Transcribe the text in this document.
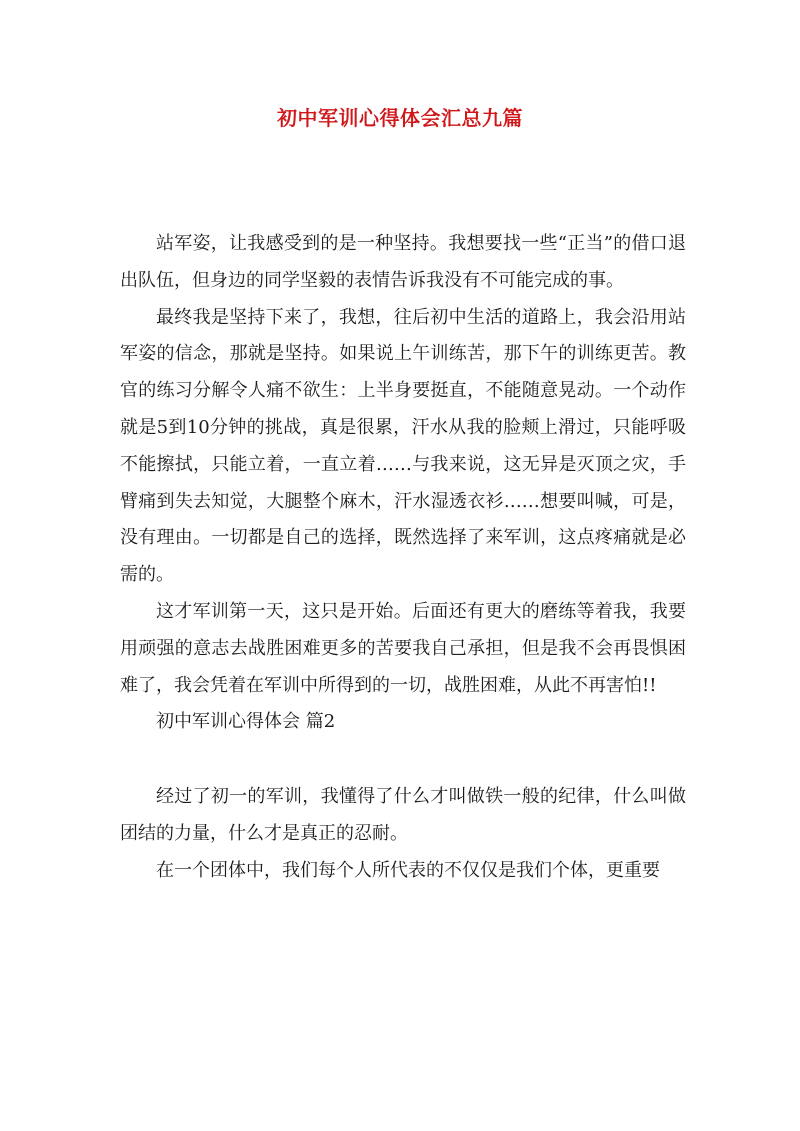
初中军训心得体会汇总九篇

站军姿，让我感受到的是一种坚持。我想要找一些“正当”的借口退出队伍，但身边的同学坚毅的表情告诉我没有不可能完成的事。

最终我是坚持下来了，我想，往后初中生活的道路上，我会沿用站军姿的信念，那就是坚持。如果说上午训练苦，那下午的训练更苦。教官的练习分解令人痛不欲生：上半身要挺直，不能随意晃动。一个动作就是5到10分钟的挑战，真是很累，汗水从我的脸颊上滑过，只能呼吸不能擦拭，只能立着，一直立着……与我来说，这无异是灭顶之灾，手臂痛到失去知觉，大腿整个麻木，汗水湿透衣衫……想要叫喊，可是，没有理由。一切都是自己的选择，既然选择了来军训，这点疼痛就是必需的。

这才军训第一天，这只是开始。后面还有更大的磨练等着我，我要用顽强的意志去战胜困难更多的苦要我自己承担，但是我不会再畏惧困难了，我会凭着在军训中所得到的一切，战胜困难，从此不再害怕!!

初中军训心得体会 篇2

经过了初一的军训，我懂得了什么才叫做铁一般的纪律，什么叫做团结的力量，什么才是真正的忍耐。

在一个团体中，我们每个人所代表的不仅仅是我们个体，更重要
